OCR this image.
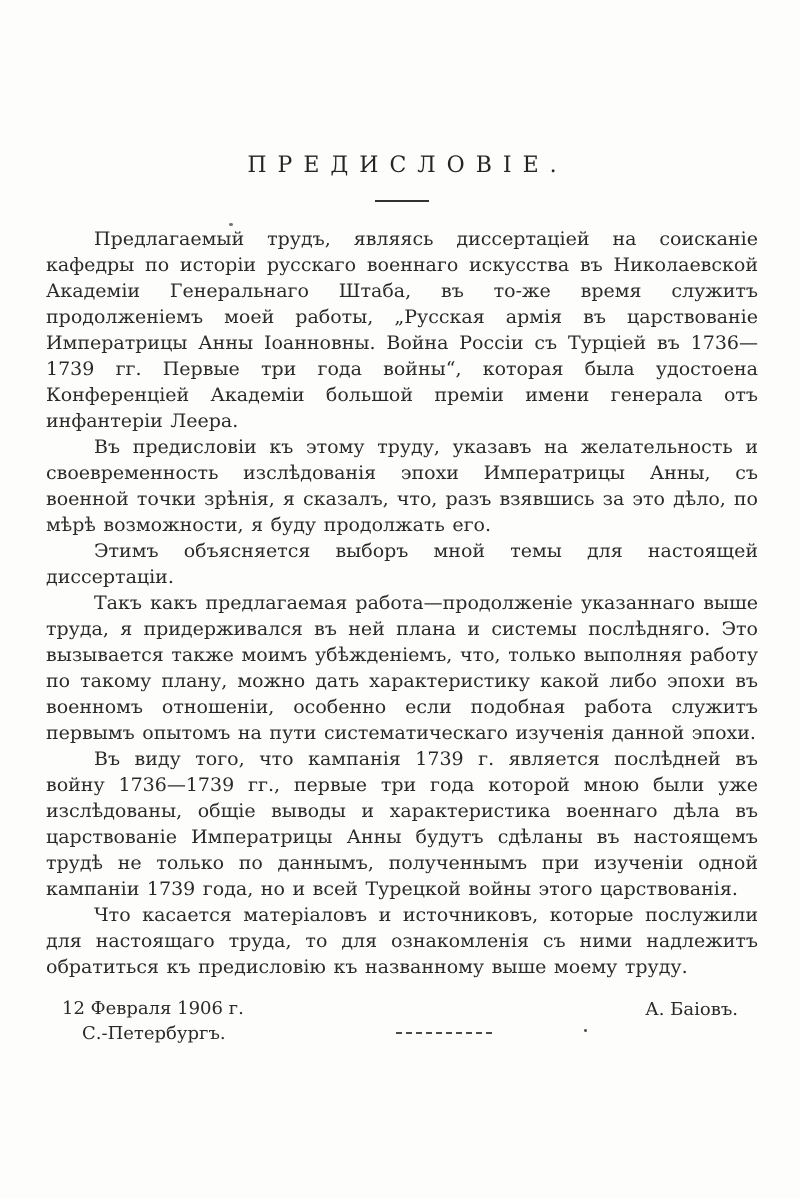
ПРЕДИСЛОВІЕ.

Предлагаемый трудъ, являясь диссертаціей на соисканіе кафедры по исторіи русскаго военнаго искусства въ Николаевской Академіи Генеральнаго Штаба, въ то-же время служитъ продолженіемъ моей работы, „Русская армія въ царствованіе Императрицы Анны Іоанновны. Война Россіи съ Турціей въ 1736—1739 гг. Первые три года войны“, которая была удостоена Конференціей Академіи большой преміи имени генерала отъ инфантеріи Леера.

Въ предисловіи къ этому труду, указавъ на желательность и своевременность изслѣдованія эпохи Императрицы Анны, съ военной точки зрѣнія, я сказалъ, что, разъ взявшись за это дѣло, по мѣрѣ возможности, я буду продолжать его.

Этимъ объясняется выборъ мной темы для настоящей диссертаціи.

Такъ какъ предлагаемая работа—продолженіе указаннаго выше труда, я придерживался въ ней плана и системы послѣдняго. Это вызывается также моимъ убѣжденіемъ, что, только выполняя работу по такому плану, можно дать характеристику какой либо эпохи въ военномъ отношеніи, особенно если подобная работа служитъ первымъ опытомъ на пути систематическаго изученія данной эпохи.

Въ виду того, что кампанія 1739 г. является послѣдней въ войну 1736—1739 гг., первые три года которой мною были уже изслѣдованы, общіе выводы и характеристика военнаго дѣла въ царствованіе Императрицы Анны будутъ сдѣланы въ настоящемъ трудѣ не только по даннымъ, полученнымъ при изученіи одной кампаніи 1739 года, но и всей Турецкой войны этого царствованія.

Что касается матеріаловъ и источниковъ, которые послужили для настоящаго труда, то для ознакомленія съ ними надлежитъ обратиться къ предисловію къ названному выше моему труду.

12 Февраля 1906 г.
С.-Петербургъ.
А. Баіовъ.
